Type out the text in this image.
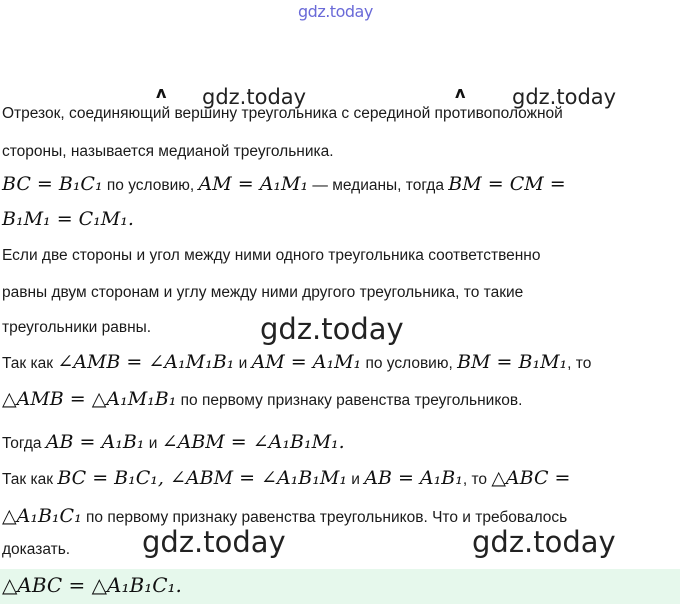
gdz.today
ʌ	ʌ
gdz.today	gdz.today
Отрезок, соединяющий вершину треугольника с серединой противоположной
стороны, называется медианой треугольника.
BC = B₁C₁ по условию, AM = A₁M₁ — медианы, тогда BM = CM =
B₁M₁ = C₁M₁.
Если две стороны и угол между ними одного треугольника соответственно
равны двум сторонам и углу между ними другого треугольника, то такие
треугольники равны.	gdz.today
Так как ∠AMB = ∠A₁M₁B₁ и AM = A₁M₁ по условию, BM = B₁M₁, то
△AMB = △A₁M₁B₁ по первому признаку равенства треугольников.
Тогда AB = A₁B₁ и ∠ABM = ∠A₁B₁M₁.
Так как BC = B₁C₁, ∠ABM = ∠A₁B₁M₁ и AB = A₁B₁, то △ABC =
△A₁B₁C₁ по первому признаку равенства треугольников. Что и требовалось
доказать. gdz.today	gdz.today
△ABC = △A₁B₁C₁.
